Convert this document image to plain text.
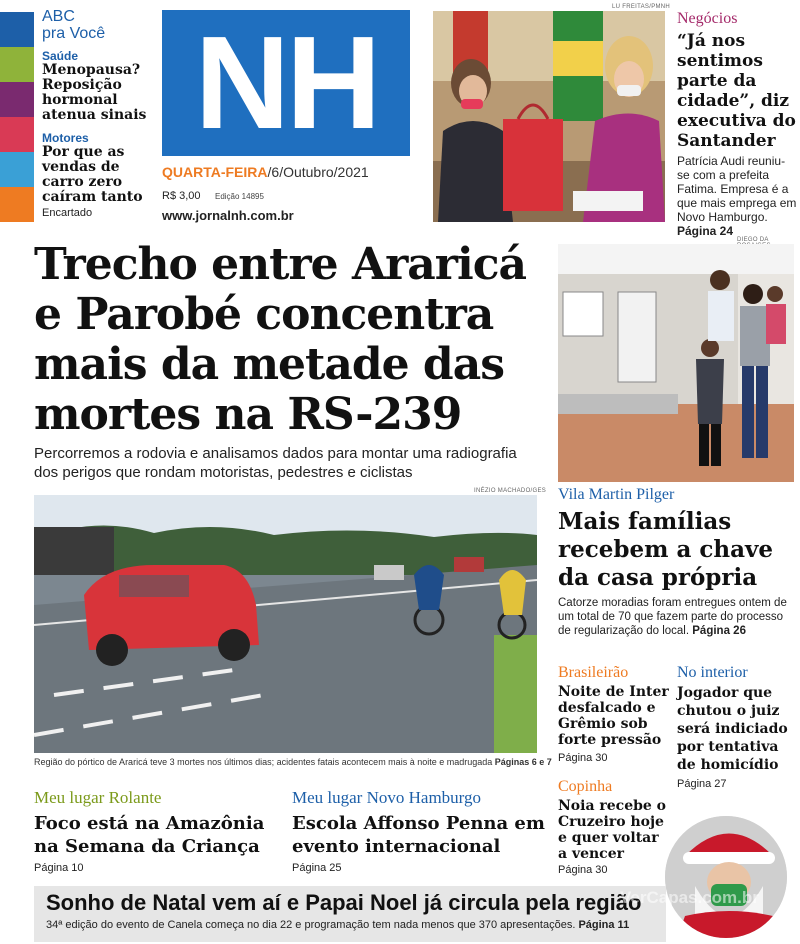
ABC
pra Você
Saúde
Menopausa? Reposição hormonal atenua sinais
Motores
Por que as vendas de carro zero caíram tanto
Encartado
NH
QUARTA-FEIRA/6/Outubro/2021
R$ 3,00 Edição 14895
www.jornalnh.com.br
LU FREITAS/PMNH
Negócios
“Já nos sentimos parte da cidade”, diz executiva do Santander
Patrícia Audi reuniu-se com a prefeita Fatima. Empresa é a que mais emprega em Novo Hamburgo. Página 24
Trecho entre Araricá e Parobé concentra mais da metade das mortes na RS-239
Percorremos a rodovia e analisamos dados para montar uma radiografia dos perigos que rondam motoristas, pedestres e ciclistas
INÉZIO MACHADO/GES
Região do pórtico de Araricá teve 3 mortes nos últimos dias; acidentes fatais acontecem mais à noite e madrugada Páginas 6 e 7
DIEGO DA
Vila Martin Pilger
Mais famílias recebem a chave da casa própria
Catorze moradias foram entregues ontem de um total de 70 que fazem parte do processo de regularização do local. Página 26
Brasileirão
Noite de Inter desfalcado e Grêmio sob forte pressão
Página 30
No interior
Jogador que chutou o juiz será indiciado por tentativa de homicídio
Página 27
Copinha
Noia recebe o Cruzeiro hoje e quer voltar a vencer
Página 30
Meu lugar Rolante
Foco está na Amazônia na Semana da Criança
Página 10
Meu lugar Novo Hamburgo
Escola Affonso Penna em evento internacional
Página 25
Sonho de Natal vem aí e Papai Noel já circula pela região
34ª edição do evento de Canela começa no dia 22 e programação tem nada menos que 370 apresentações. Página 11
VerCapas.com.br
